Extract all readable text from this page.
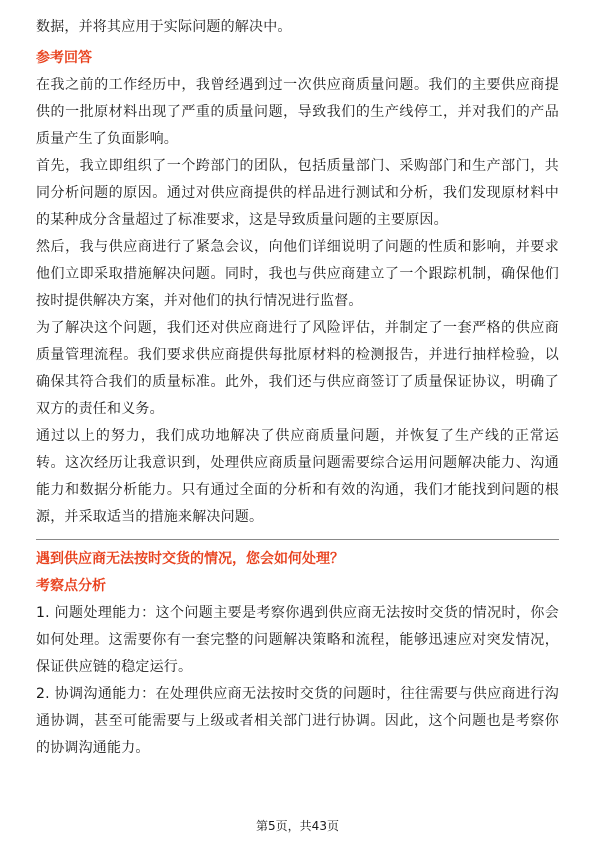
数据，并将其应用于实际问题的解决中。

参考回答

在我之前的工作经历中，我曾经遇到过一次供应商质量问题。我们的主要供应商提供的一批原材料出现了严重的质量问题，导致我们的生产线停工，并对我们的产品质量产生了负面影响。

首先，我立即组织了一个跨部门的团队，包括质量部门、采购部门和生产部门，共同分析问题的原因。通过对供应商提供的样品进行测试和分析，我们发现原材料中的某种成分含量超过了标准要求，这是导致质量问题的主要原因。

然后，我与供应商进行了紧急会议，向他们详细说明了问题的性质和影响，并要求他们立即采取措施解决问题。同时，我也与供应商建立了一个跟踪机制，确保他们按时提供解决方案，并对他们的执行情况进行监督。

为了解决这个问题，我们还对供应商进行了风险评估，并制定了一套严格的供应商质量管理流程。我们要求供应商提供每批原材料的检测报告，并进行抽样检验，以确保其符合我们的质量标准。此外，我们还与供应商签订了质量保证协议，明确了双方的责任和义务。

通过以上的努力，我们成功地解决了供应商质量问题，并恢复了生产线的正常运转。这次经历让我意识到，处理供应商质量问题需要综合运用问题解决能力、沟通能力和数据分析能力。只有通过全面的分析和有效的沟通，我们才能找到问题的根源，并采取适当的措施来解决问题。

遇到供应商无法按时交货的情况，您会如何处理？

考察点分析

1. 问题处理能力：这个问题主要是考察你遇到供应商无法按时交货的情况时，你会如何处理。这需要你有一套完整的问题解决策略和流程，能够迅速应对突发情况，保证供应链的稳定运行。

2. 协调沟通能力：在处理供应商无法按时交货的问题时，往往需要与供应商进行沟通协调，甚至可能需要与上级或者相关部门进行协调。因此，这个问题也是考察你的协调沟通能力。

第5页，共43页
